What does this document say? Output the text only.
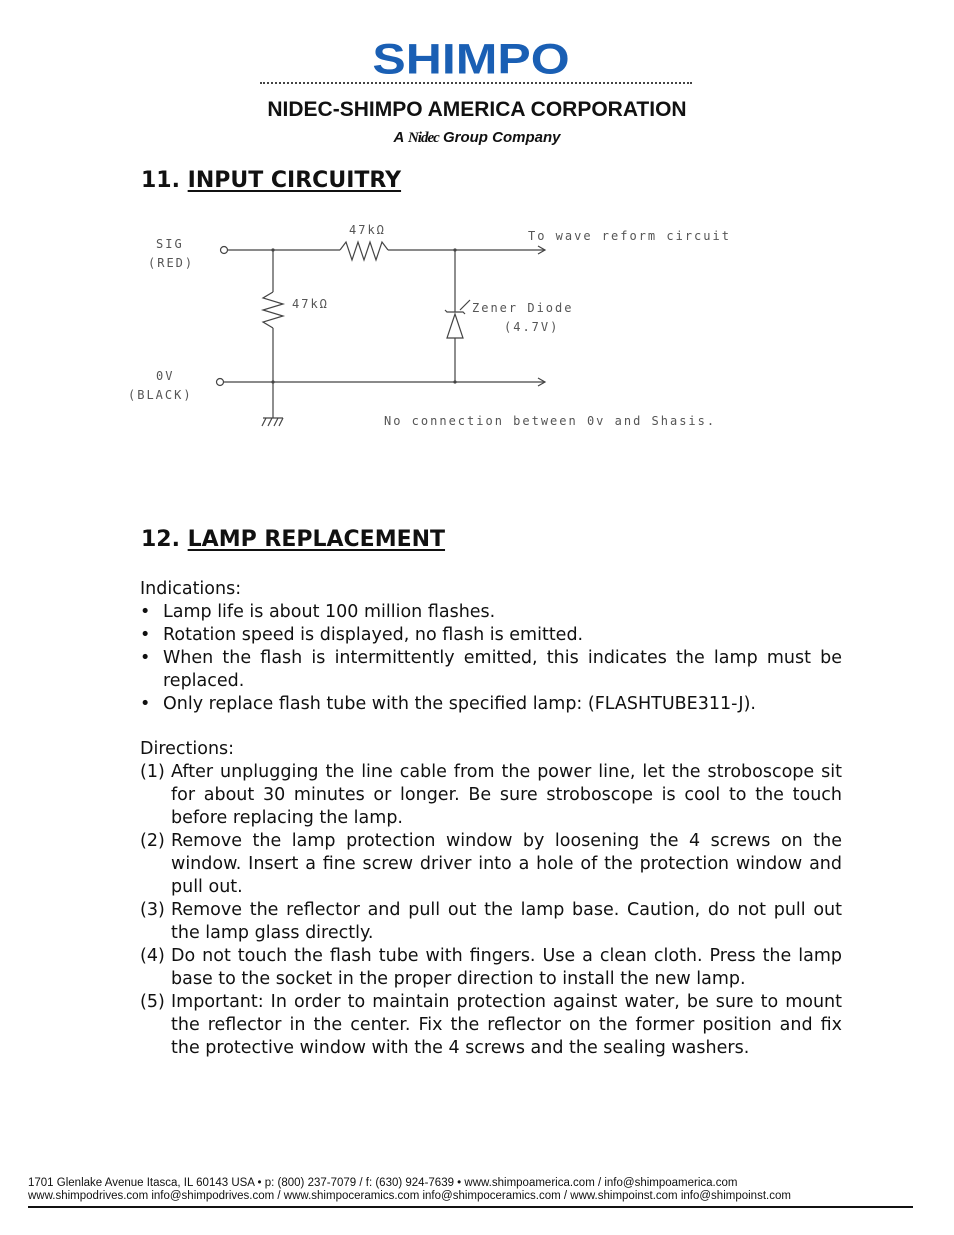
SHIMPO
NIDEC-SHIMPO AMERICA CORPORATION
A Nidec Group Company
11. INPUT CIRCUITRY
SIG
(RED)
47kΩ
47kΩ
To wave reform circuit
Zener Diode
(4.7V)
0V
(BLACK)
No connection between 0v and Shasis.
12. LAMP REPLACEMENT
Indications:
• Lamp life is about 100 million flashes.
• Rotation speed is displayed, no flash is emitted.
• When the flash is intermittently emitted, this indicates the lamp must be replaced.
• Only replace flash tube with the specified lamp: (FLASHTUBE311-J).
Directions:
(1) After unplugging the line cable from the power line, let the stroboscope sit for about 30 minutes or longer. Be sure stroboscope is cool to the touch before replacing the lamp.
(2) Remove the lamp protection window by loosening the 4 screws on the window. Insert a fine screw driver into a hole of the protection window and pull out.
(3) Remove the reflector and pull out the lamp base. Caution, do not pull out the lamp glass directly.
(4) Do not touch the flash tube with fingers. Use a clean cloth. Press the lamp base to the socket in the proper direction to install the new lamp.
(5) Important: In order to maintain protection against water, be sure to mount the reflector in the center. Fix the reflector on the former position and fix the protective window with the 4 screws and the sealing washers.
1701 Glenlake Avenue Itasca, IL 60143 USA • p: (800) 237-7079 / f: (630) 924-7639 • www.shimpoamerica.com / info@shimpoamerica.com
www.shimpodrives.com info@shimpodrives.com / www.shimpoceramics.com info@shimpoceramics.com / www.shimpoinst.com info@shimpoinst.com
